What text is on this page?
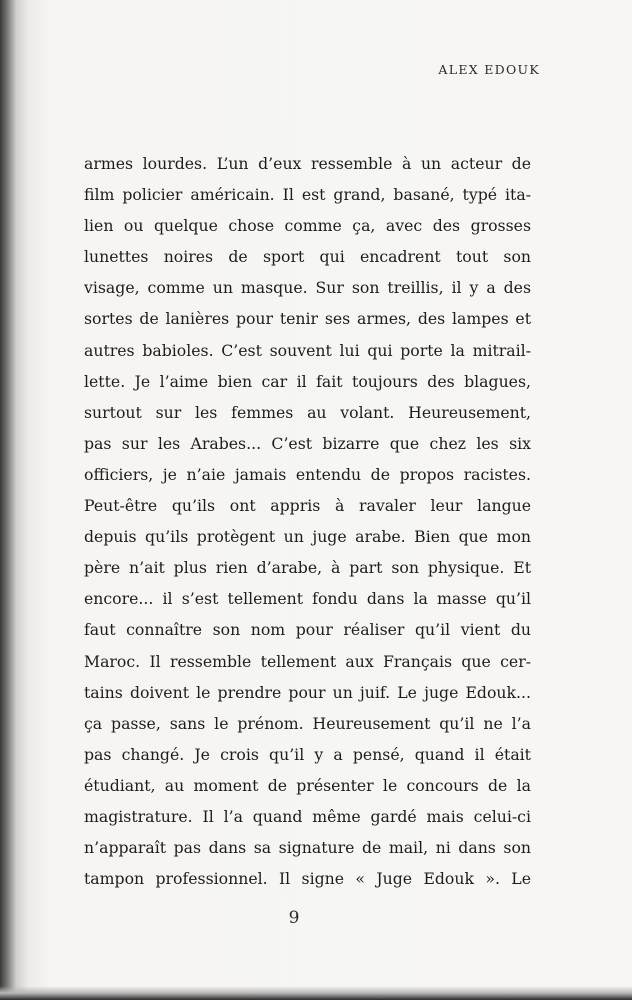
ALEX EDOUK
armes lourdes. L’un d’eux ressemble à un acteur de
film policier américain. Il est grand, basané, typé ita-
lien ou quelque chose comme ça, avec des grosses
lunettes noires de sport qui encadrent tout son
visage, comme un masque. Sur son treillis, il y a des
sortes de lanières pour tenir ses armes, des lampes et
autres babioles. C’est souvent lui qui porte la mitrail-
lette. Je l’aime bien car il fait toujours des blagues,
surtout sur les femmes au volant. Heureusement,
pas sur les Arabes... C’est bizarre que chez les six
officiers, je n’aie jamais entendu de propos racistes.
Peut-être qu’ils ont appris à ravaler leur langue
depuis qu’ils protègent un juge arabe. Bien que mon
père n’ait plus rien d’arabe, à part son physique. Et
encore... il s’est tellement fondu dans la masse qu’il
faut connaître son nom pour réaliser qu’il vient du
Maroc. Il ressemble tellement aux Français que cer-
tains doivent le prendre pour un juif. Le juge Edouk...
ça passe, sans le prénom. Heureusement qu’il ne l’a
pas changé. Je crois qu’il y a pensé, quand il était
étudiant, au moment de présenter le concours de la
magistrature. Il l’a quand même gardé mais celui-ci
n’apparaît pas dans sa signature de mail, ni dans son
tampon professionnel. Il signe « Juge Edouk ». Le
9
